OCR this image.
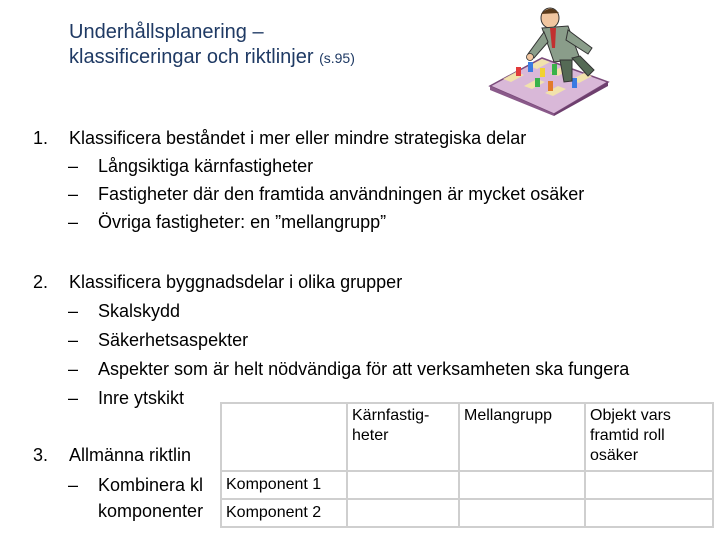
Underhållsplanering –
klassificeringar och riktlinjer (s.95)
1. Klassificera beståndet i mer eller mindre strategiska delar
– Långsiktiga kärnfastigheter
– Fastigheter där den framtida användningen är mycket osäker
– Övriga fastigheter: en ”mellangrupp”
2. Klassificera byggnadsdelar i olika grupper
– Skalskydd
– Säkerhetsaspekter
– Aspekter som är helt nödvändiga för att verksamheten ska fungera
– Inre ytskikt
3. Allmänna riktlin
– Kombinera kl
komponenter

	Kärnfastig-
heter	Mellangrupp	Objekt vars
framtid roll
osäker

Komponent 1			
Komponent 2			
